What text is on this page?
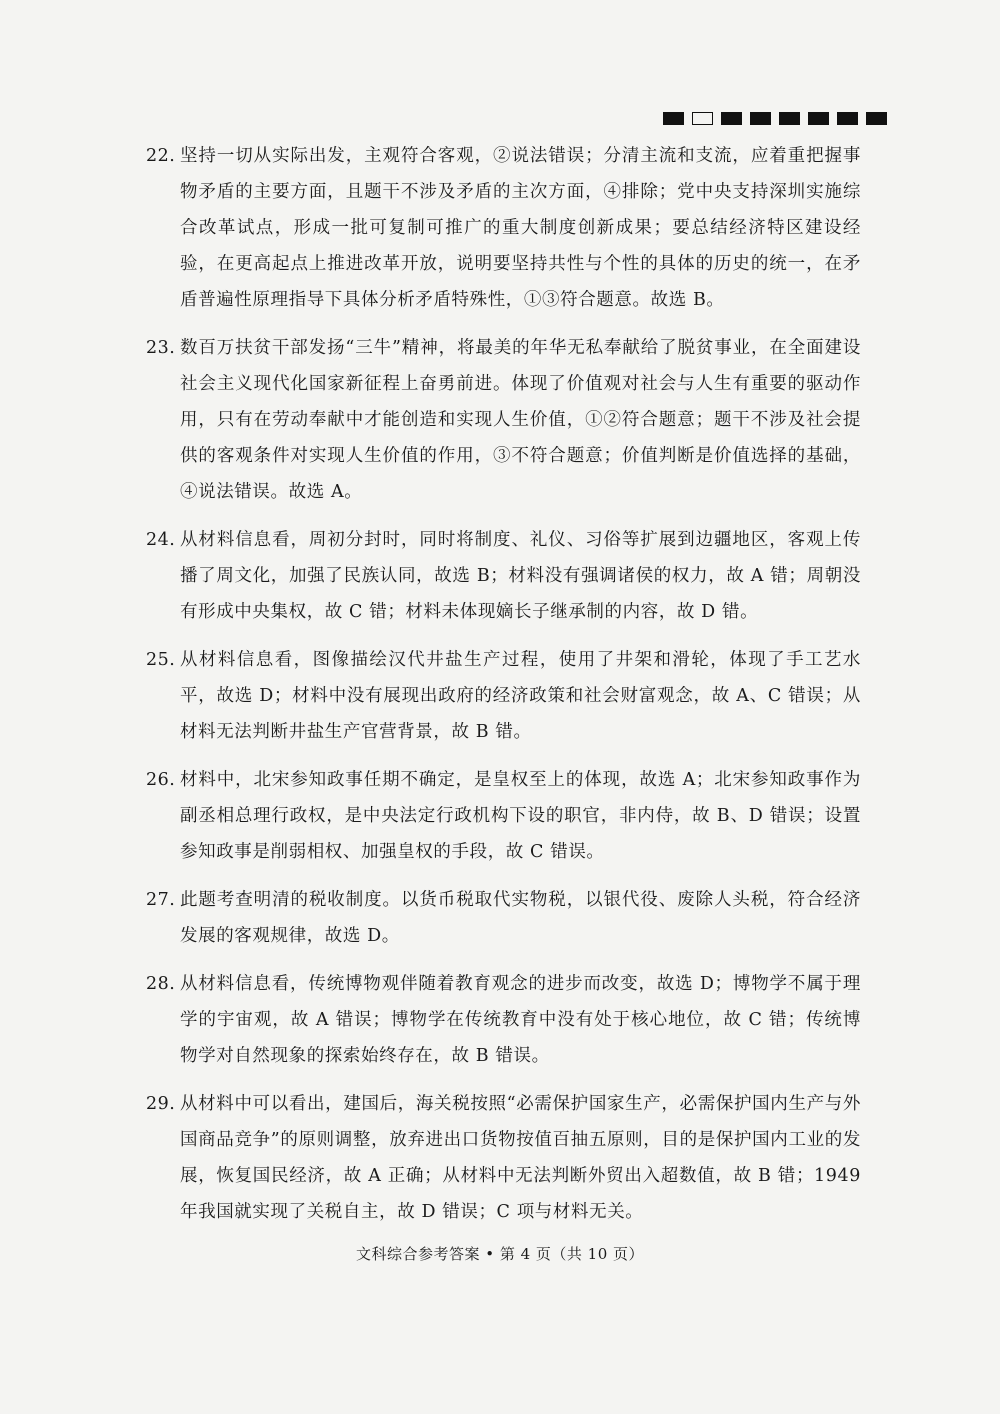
22. 坚持一切从实际出发，主观符合客观，②说法错误；分清主流和支流，应着重把握事物矛盾的主要方面，且题干不涉及矛盾的主次方面，④排除；党中央支持深圳实施综合改革试点，形成一批可复制可推广的重大制度创新成果；要总结经济特区建设经验，在更高起点上推进改革开放，说明要坚持共性与个性的具体的历史的统一，在矛盾普遍性原理指导下具体分析矛盾特殊性，①③符合题意。故选 B。
23. 数百万扶贫干部发扬“三牛”精神，将最美的年华无私奉献给了脱贫事业，在全面建设社会主义现代化国家新征程上奋勇前进。体现了价值观对社会与人生有重要的驱动作用，只有在劳动奉献中才能创造和实现人生价值，①②符合题意；题干不涉及社会提供的客观条件对实现人生价值的作用，③不符合题意；价值判断是价值选择的基础，④说法错误。故选 A。
24. 从材料信息看，周初分封时，同时将制度、礼仪、习俗等扩展到边疆地区，客观上传播了周文化，加强了民族认同，故选 B；材料没有强调诸侯的权力，故 A 错；周朝没有形成中央集权，故 C 错；材料未体现嫡长子继承制的内容，故 D 错。
25. 从材料信息看，图像描绘汉代井盐生产过程，使用了井架和滑轮，体现了手工艺水平，故选 D；材料中没有展现出政府的经济政策和社会财富观念，故 A、C 错误；从材料无法判断井盐生产官营背景，故 B 错。
26. 材料中，北宋参知政事任期不确定，是皇权至上的体现，故选 A；北宋参知政事作为副丞相总理行政权，是中央法定行政机构下设的职官，非内侍，故 B、D 错误；设置参知政事是削弱相权、加强皇权的手段，故 C 错误。
27. 此题考查明清的税收制度。以货币税取代实物税，以银代役、废除人头税，符合经济发展的客观规律，故选 D。
28. 从材料信息看，传统博物观伴随着教育观念的进步而改变，故选 D；博物学不属于理学的宇宙观，故 A 错误；博物学在传统教育中没有处于核心地位，故 C 错；传统博物学对自然现象的探索始终存在，故 B 错误。
29. 从材料中可以看出，建国后，海关税按照“必需保护国家生产，必需保护国内生产与外国商品竞争”的原则调整，放弃进出口货物按值百抽五原则，目的是保护国内工业的发展，恢复国民经济，故 A 正确；从材料中无法判断外贸出入超数值，故 B 错；1949 年我国就实现了关税自主，故 D 错误；C 项与材料无关。
文科综合参考答案 • 第 4 页（共 10 页）
